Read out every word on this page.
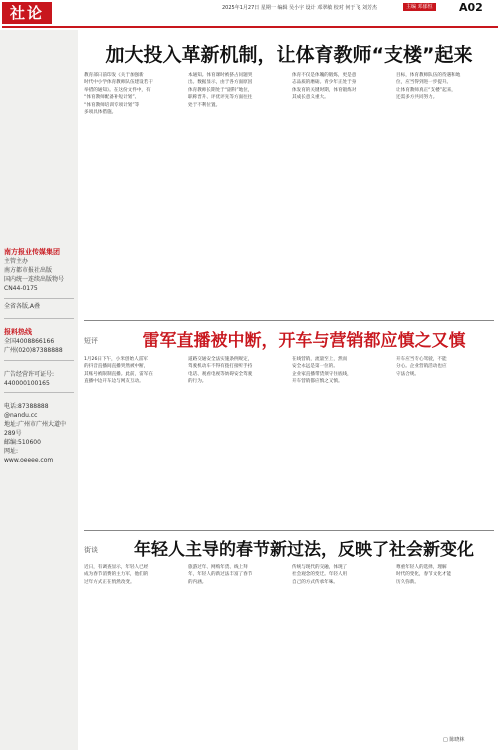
社论	2025年1月27日 星期一 编辑 吴小宇 设计 邓翠敏 校对 何于飞 刘芳杰	主编 邓郁恒 A02
南方报业传媒集团
主管主办
南方都市报社出版
国内统一连续出版物号
CN44-0175
全省各版,A叠
报料热线
全国4008866166
广州(020)87388888
广告经营许可证号:
440000100165
电话:87388888
@nandu.cc
地址:广州市广州大道中
289号
邮编:510600
网址:
www.oeeee.com
加大投入革新机制，让体育教师“支楼”起来
教育部日前印发《关于加强新
时代中小学体育教师队伍建设若干
举措的通知》。在这份文件中，有
“体育教师配备补短计划”、
“体育教师培训专项计划”等
多项具体措施。
本通知。体育课时被挤占问题突
出。数据显示，由于各方面原因
体育教师长期处于“副科”地位，
职称晋升、评优评先等方面往往
处于不利位置。
体育不仅是体魄的锻炼，更是意
志品质的磨砺。青少年正处于身
体发育的关键时期，体育锻炼对
其成长意义重大。
目标，体育教师队伍的待遇和地
位，应当得到进一步提升。
让体育教师真正“支楼”起来，
还需多方共同努力。
短评	雷军直播被中断，开车与营销都应慎之又慎
1月26日下午，小米创始人雷军
的抖音直播间直播突然被中断，
其账号被限制直播。此前，雷军在
直播中边开车边与网友互动。
道路交通安全法实施条例规定，
驾驶机动车不得有拨打接听手持
电话、观看电视等妨碍安全驾驶
的行为。
在线营销，流量至上，然而
安全永远是第一位的。
企业家直播带货须守住底线，
开车营销都应慎之又慎。
开车应当专心驾驶，不能
分心。企业营销活动也应
守法合规。
街谈	年轻人主导的春节新过法，反映了社会新变化
近日，有调查显示，年轻人已经
成为春节消费的主力军，他们的
过年方式正在悄然改变。
旅游过年、网购年货、线上拜
年，年轻人的新过法丰富了春节
的内涵。
传统与现代的交融，体现了
社会观念的变迁。年轻人用
自己的方式传承年味。
尊重年轻人的选择，理解
时代的变化，春节文化才能
历久弥新。
□ 陈晓林
